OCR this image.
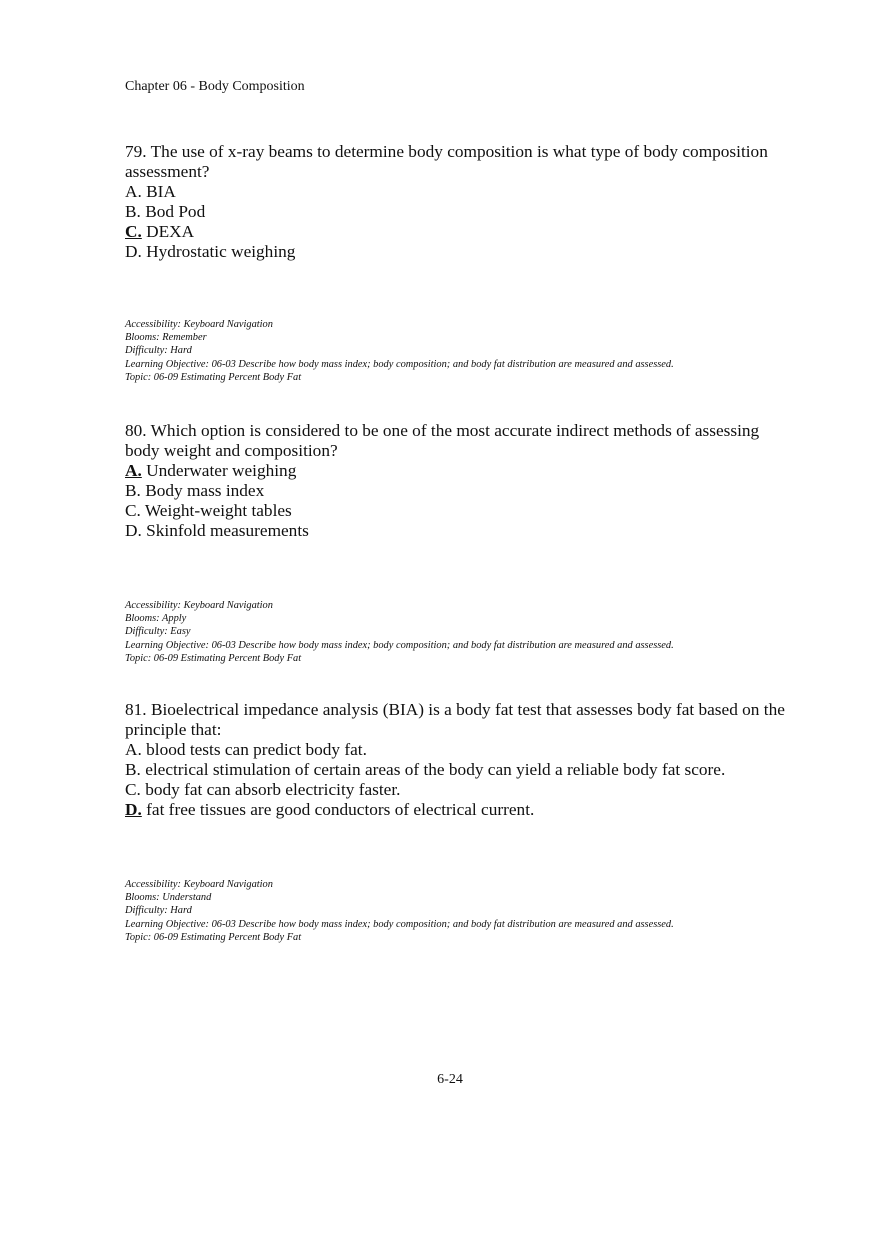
Chapter 06 - Body Composition
79. The use of x-ray beams to determine body composition is what type of body composition assessment?
A. BIA
B. Bod Pod
C. DEXA
D. Hydrostatic weighing
Accessibility: Keyboard Navigation
Blooms: Remember
Difficulty: Hard
Learning Objective: 06-03 Describe how body mass index; body composition; and body fat distribution are measured and assessed.
Topic: 06-09 Estimating Percent Body Fat
80. Which option is considered to be one of the most accurate indirect methods of assessing body weight and composition?
A. Underwater weighing
B. Body mass index
C. Weight-weight tables
D. Skinfold measurements
Accessibility: Keyboard Navigation
Blooms: Apply
Difficulty: Easy
Learning Objective: 06-03 Describe how body mass index; body composition; and body fat distribution are measured and assessed.
Topic: 06-09 Estimating Percent Body Fat
81. Bioelectrical impedance analysis (BIA) is a body fat test that assesses body fat based on the principle that:
A. blood tests can predict body fat.
B. electrical stimulation of certain areas of the body can yield a reliable body fat score.
C. body fat can absorb electricity faster.
D. fat free tissues are good conductors of electrical current.
Accessibility: Keyboard Navigation
Blooms: Understand
Difficulty: Hard
Learning Objective: 06-03 Describe how body mass index; body composition; and body fat distribution are measured and assessed.
Topic: 06-09 Estimating Percent Body Fat
6-24
